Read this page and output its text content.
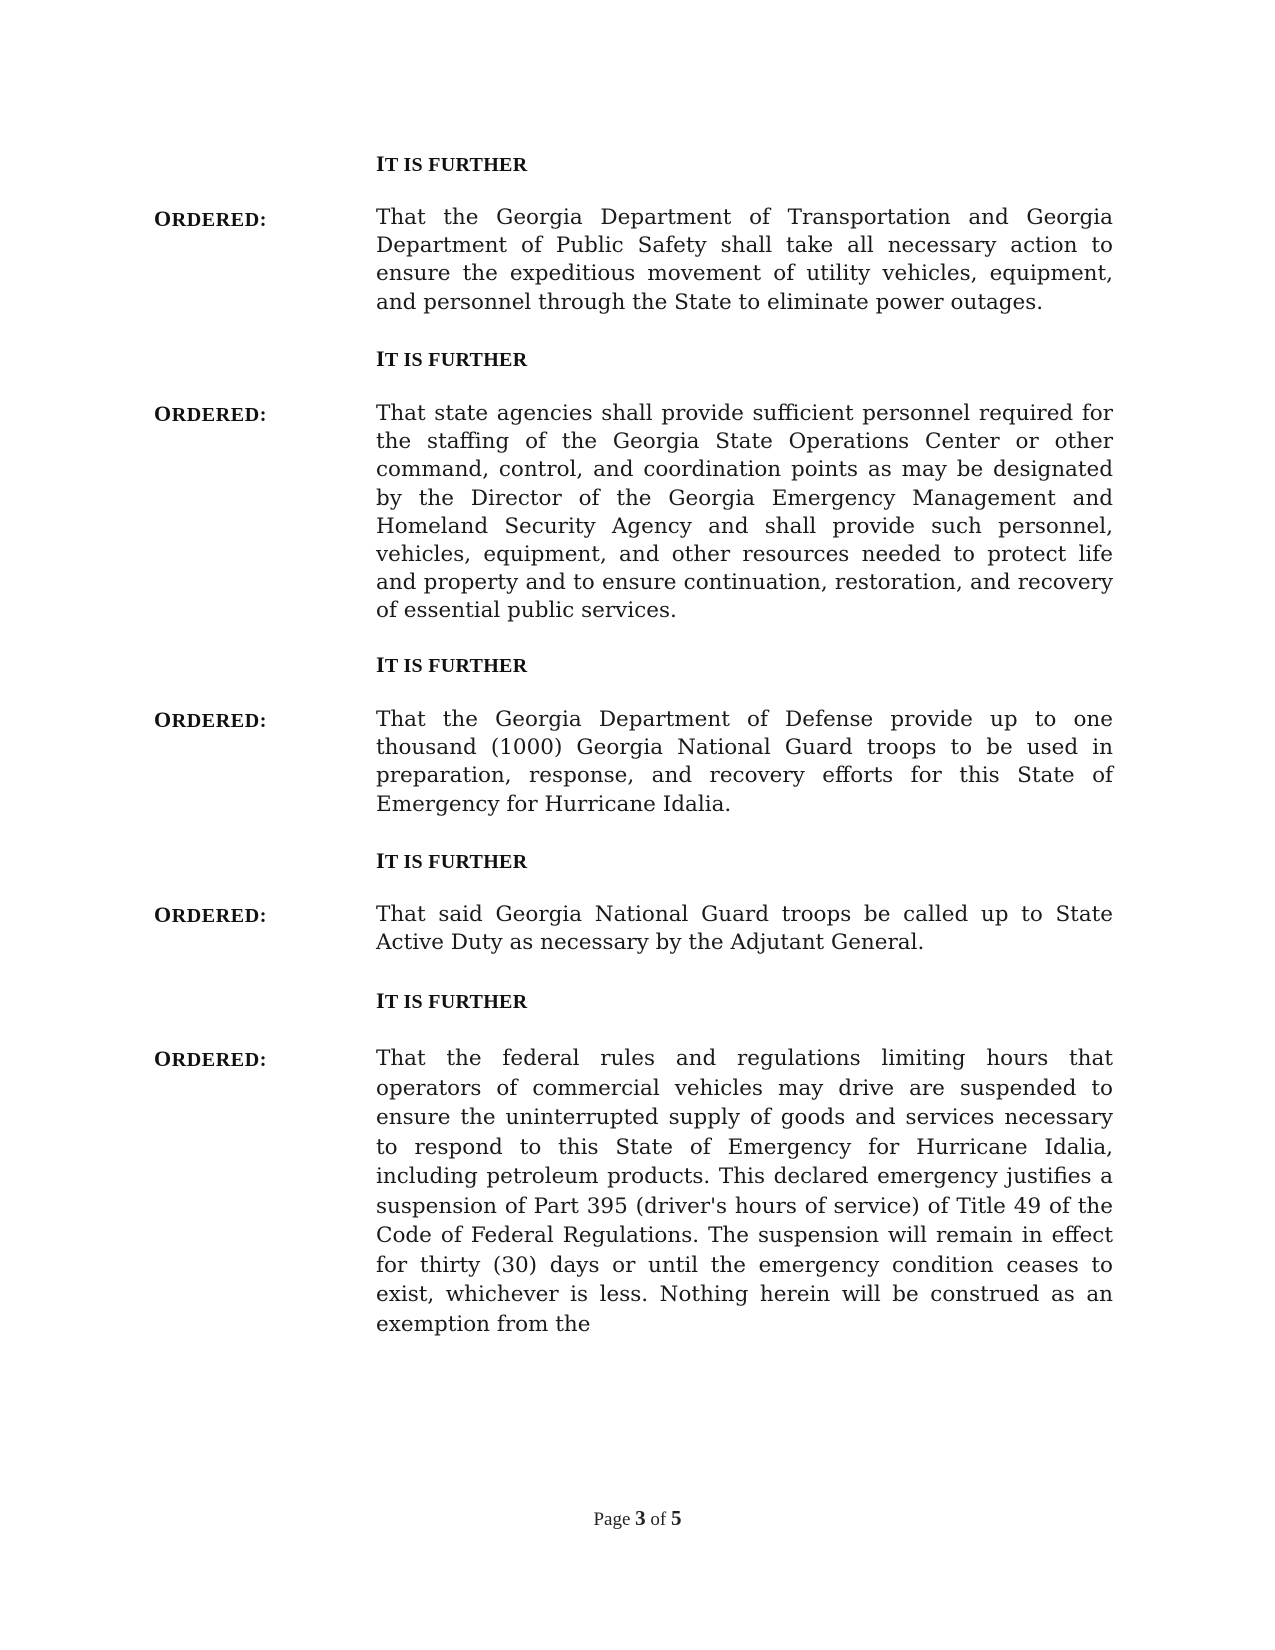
IT IS FURTHER
ORDERED:	That the Georgia Department of Transportation and Georgia Department of Public Safety shall take all necessary action to ensure the expeditious movement of utility vehicles, equipment, and personnel through the State to eliminate power outages.
IT IS FURTHER
ORDERED:	That state agencies shall provide sufficient personnel required for the staffing of the Georgia State Operations Center or other command, control, and coordination points as may be designated by the Director of the Georgia Emergency Management and Homeland Security Agency and shall provide such personnel, vehicles, equipment, and other resources needed to protect life and property and to ensure continuation, restoration, and recovery of essential public services.
IT IS FURTHER
ORDERED:	That the Georgia Department of Defense provide up to one thousand (1000) Georgia National Guard troops to be used in preparation, response, and recovery efforts for this State of Emergency for Hurricane Idalia.
IT IS FURTHER
ORDERED:	That said Georgia National Guard troops be called up to State Active Duty as necessary by the Adjutant General.
IT IS FURTHER
ORDERED:	That the federal rules and regulations limiting hours that operators of commercial vehicles may drive are suspended to ensure the uninterrupted supply of goods and services necessary to respond to this State of Emergency for Hurricane Idalia, including petroleum products. This declared emergency justifies a suspension of Part 395 (driver's hours of service) of Title 49 of the Code of Federal Regulations. The suspension will remain in effect for thirty (30) days or until the emergency condition ceases to exist, whichever is less. Nothing herein will be construed as an exemption from the
Page 3 of 5
